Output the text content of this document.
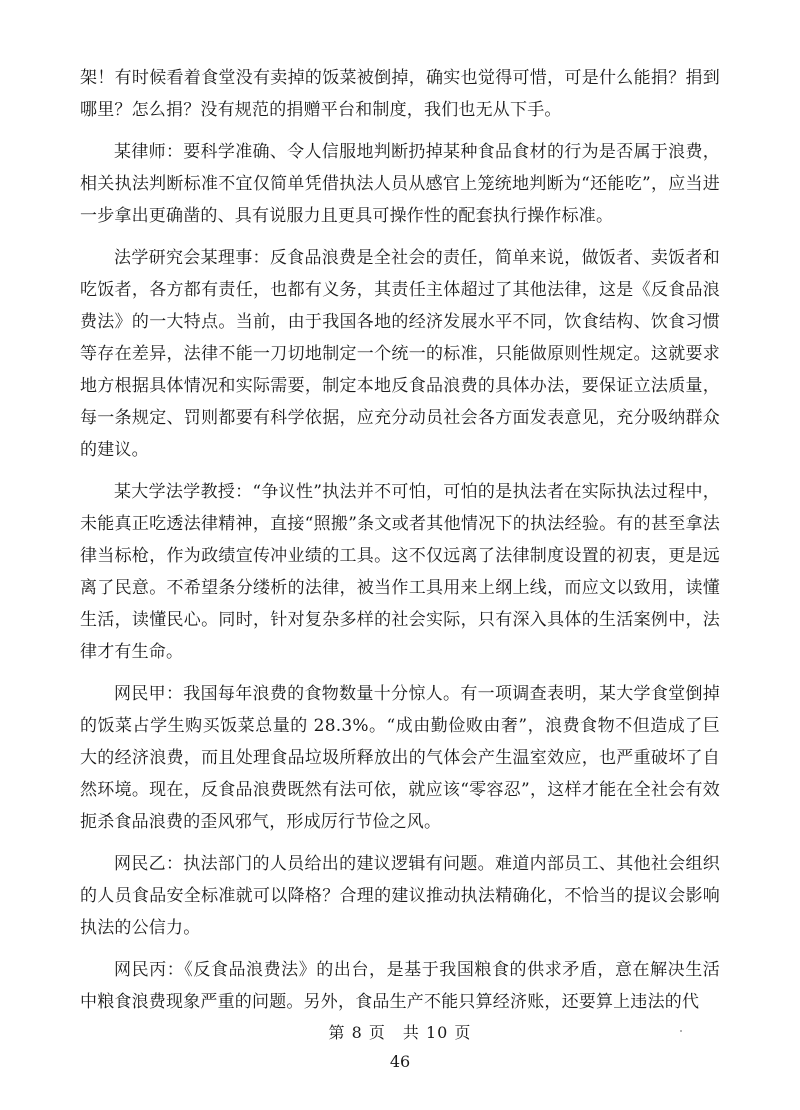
架！有时候看着食堂没有卖掉的饭菜被倒掉，确实也觉得可惜，可是什么能捐？捐到哪里？怎么捐？没有规范的捐赠平台和制度，我们也无从下手。

某律师：要科学准确、令人信服地判断扔掉某种食品食材的行为是否属于浪费，相关执法判断标准不宜仅简单凭借执法人员从感官上笼统地判断为“还能吃”，应当进一步拿出更确凿的、具有说服力且更具可操作性的配套执行操作标准。

法学研究会某理事：反食品浪费是全社会的责任，简单来说，做饭者、卖饭者和吃饭者，各方都有责任，也都有义务，其责任主体超过了其他法律，这是《反食品浪费法》的一大特点。当前，由于我国各地的经济发展水平不同，饮食结构、饮食习惯等存在差异，法律不能一刀切地制定一个统一的标准，只能做原则性规定。这就要求地方根据具体情况和实际需要，制定本地反食品浪费的具体办法，要保证立法质量，每一条规定、罚则都要有科学依据，应充分动员社会各方面发表意见，充分吸纳群众的建议。

某大学法学教授：“争议性”执法并不可怕，可怕的是执法者在实际执法过程中，未能真正吃透法律精神，直接“照搬”条文或者其他情况下的执法经验。有的甚至拿法律当标枪，作为政绩宣传冲业绩的工具。这不仅远离了法律制度设置的初衷，更是远离了民意。不希望条分缕析的法律，被当作工具用来上纲上线，而应文以致用，读懂生活，读懂民心。同时，针对复杂多样的社会实际，只有深入具体的生活案例中，法律才有生命。

网民甲：我国每年浪费的食物数量十分惊人。有一项调查表明，某大学食堂倒掉的饭菜占学生购买饭菜总量的 28.3%。“成由勤俭败由奢”，浪费食物不但造成了巨大的经济浪费，而且处理食品垃圾所释放出的气体会产生温室效应，也严重破坏了自然环境。现在，反食品浪费既然有法可依，就应该“零容忍”，这样才能在全社会有效扼杀食品浪费的歪风邪气，形成厉行节俭之风。

网民乙：执法部门的人员给出的建议逻辑有问题。难道内部员工、其他社会组织的人员食品安全标准就可以降格？合理的建议推动执法精确化，不恰当的提议会影响执法的公信力。

网民丙：《反食品浪费法》的出台，是基于我国粮食的供求矛盾，意在解决生活中粮食浪费现象严重的问题。另外，食品生产不能只算经济账，还要算上违法的代

第 8 页　共 10 页
46
